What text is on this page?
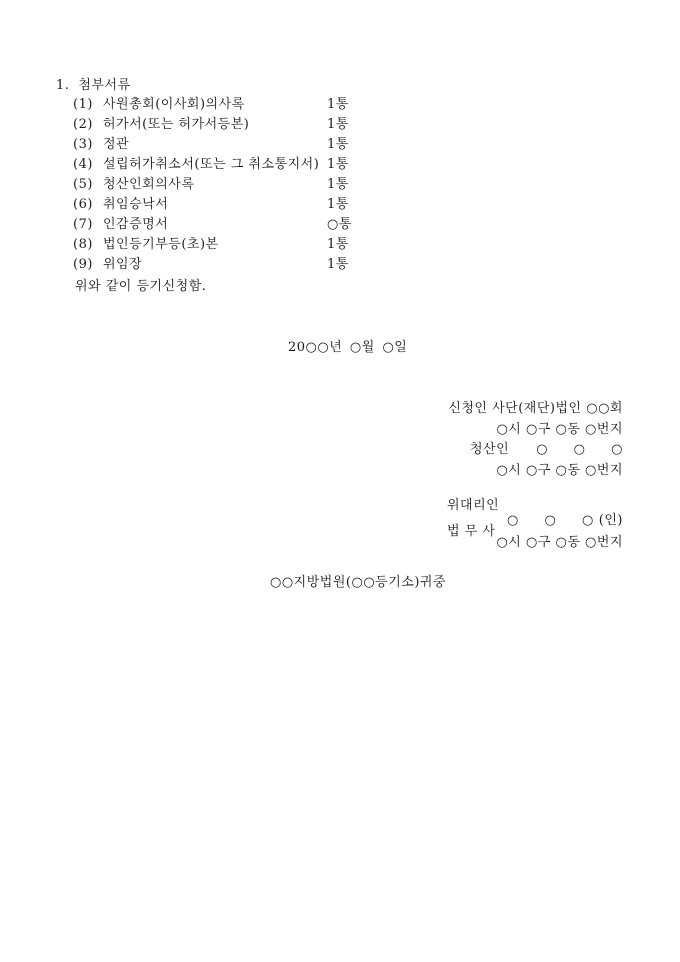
1. 첨부서류
(1) 사원총회(이사회)의사록	1통
(2) 허가서(또는 허가서등본)	1통
(3) 정관	1통
(4) 설립허가취소서(또는 그 취소통지서) 1통
(5) 청산인회의사록	1통
(6) 취임승낙서	1통
(7) 인감증명서	○통
(8) 법인등기부등(초)본	1통
(9) 위임장	1통
위와 같이 등기신청함.
20○○년 ○월 ○일
신청인 사단(재단)법인 ○○회
○시 ○구 ○동 ○번지
청산인 ○ ○ ○
○시 ○구 ○동 ○번지
위대리인
○ ○ ○ (인)
법 무 사
○시 ○구 ○동 ○번지
○○지방법원(○○등기소)귀중
